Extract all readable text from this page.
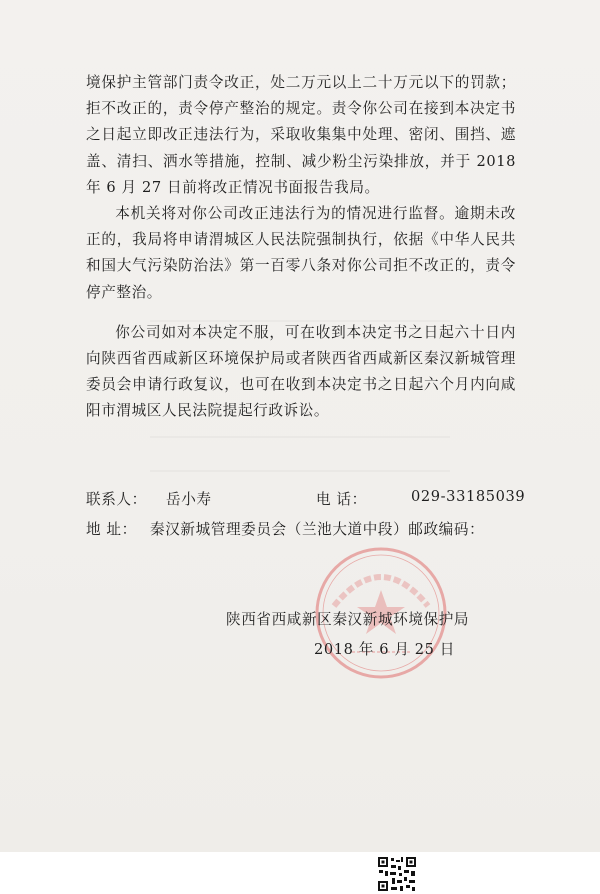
境保护主管部门责令改正，处二万元以上二十万元以下的罚款；拒不改正的，责令停产整治的规定。责令你公司在接到本决定书之日起立即改正违法行为，采取收集集中处理、密闭、围挡、遮盖、清扫、洒水等措施，控制、减少粉尘污染排放，并于 2018 年 6 月 27 日前将改正情况书面报告我局。

本机关将对你公司改正违法行为的情况进行监督。逾期未改正的，我局将申请渭城区人民法院强制执行，依据《中华人民共和国大气污染防治法》第一百零八条对你公司拒不改正的，责令停产整治。

你公司如对本决定不服，可在收到本决定书之日起六十日内向陕西省西咸新区环境保护局或者陕西省西咸新区秦汉新城管理委员会申请行政复议，也可在收到本决定书之日起六个月内向咸阳市渭城区人民法院提起行政诉讼。

联系人： 岳小寿	电 话：	029-33185039
地 址： 秦汉新城管理委员会（兰池大道中段）邮政编码：
陕西省西咸新区秦汉新城环境保护局
2018 年 6 月 25 日
